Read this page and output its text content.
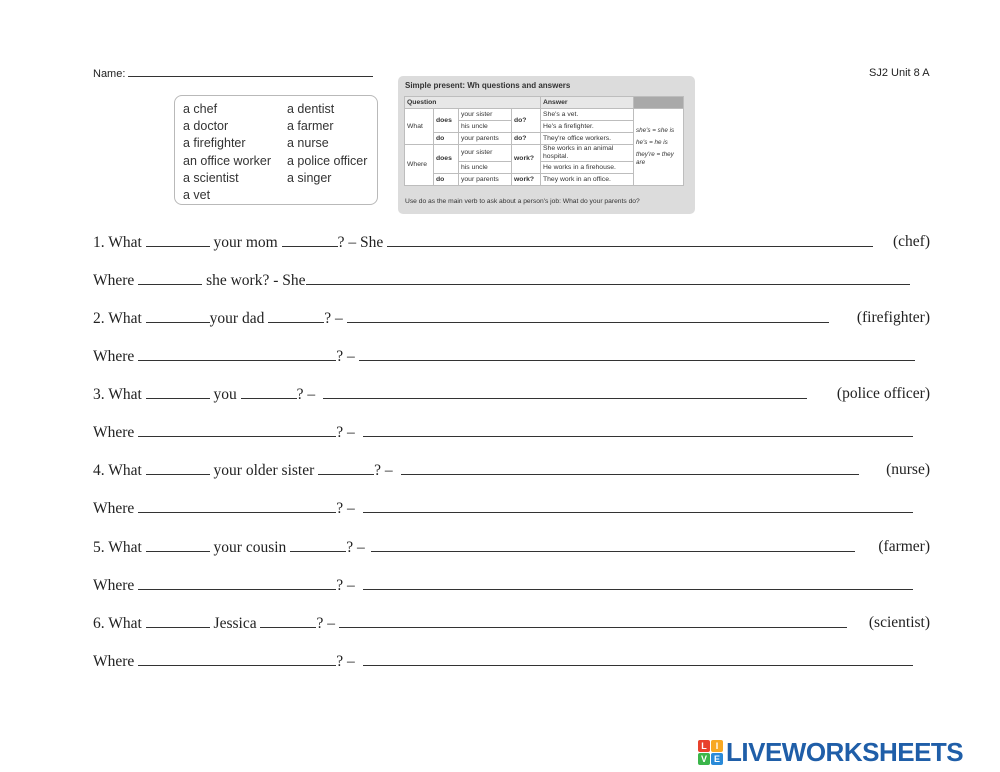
Name:	SJ2 Unit 8 A
a chef
a doctor
a firefighter
an office worker
a scientist
a vet
a dentist
a farmer
a nurse
a police officer
a singer
Simple present: Wh questions and answers
Question				Answer	
What	does	your sister	do?	She's a vet.	she's = she is
he's = he is
they're = they are

		his uncle		He's a firefighter.	
	do	your parents	do?	They're office workers.	
Where	does	your sister	work?	She works in an animal hospital.	
		his uncle		He works in a firehouse.	
	do	your parents	work?	They work in an office.	
Use do as the main verb to ask about a person's job: What do your parents do?
1. What	your mom	? – She	(chef)
Where	she work? - She
2. What	your dad	? –	(firefighter)
Where	? –
3. What	you	? –	(police officer)
Where	? –
4. What	your older sister	? –	(nurse)
Where	? –
5. What	your cousin	? –	(farmer)
Where	? –
6. What	Jessica	? –	(scientist)
Where	? –
L I
V E LIVEWORKSHEETS
